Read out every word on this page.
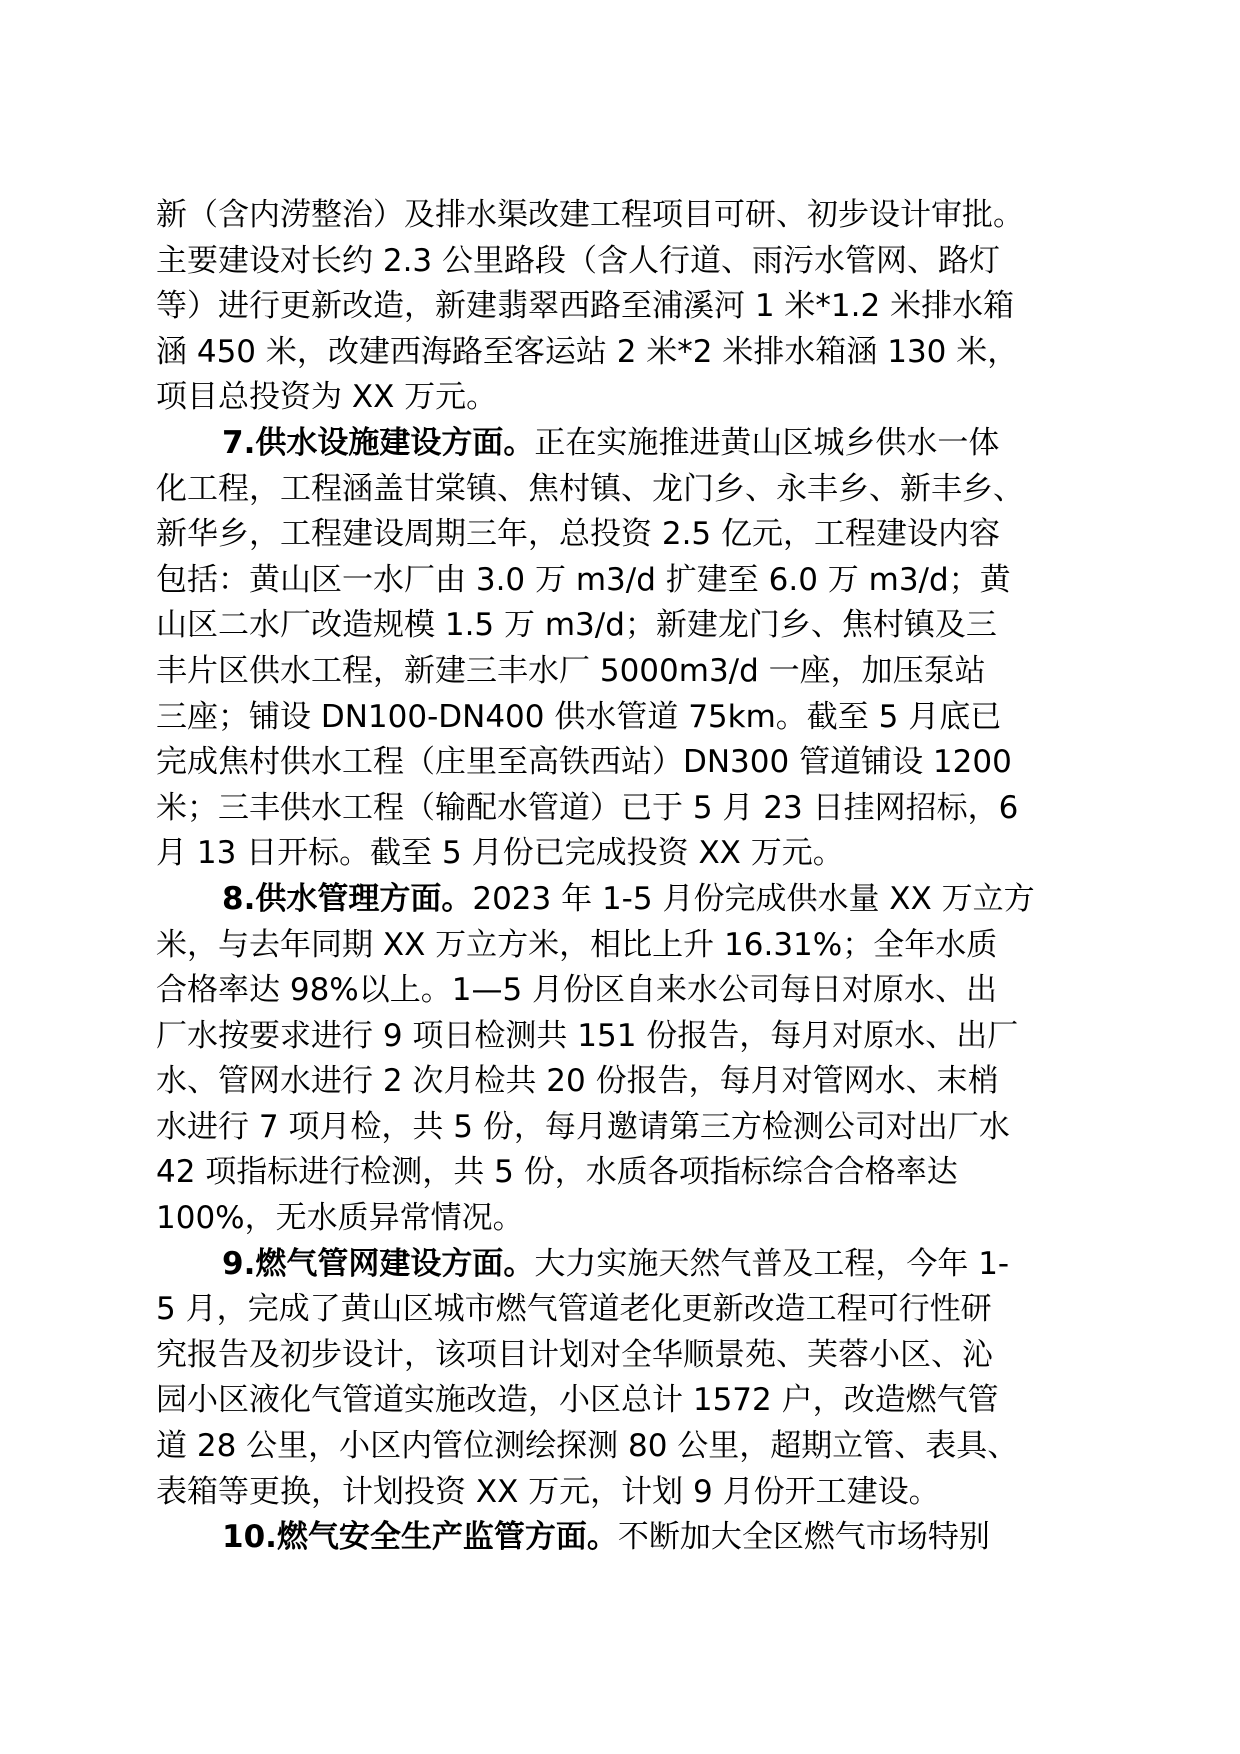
新（含内涝整治）及排水渠改建工程项目可研、初步设计审批。
主要建设对长约 2.3 公里路段（含人行道、雨污水管网、路灯
等）进行更新改造，新建翡翠西路至浦溪河 1 米*1.2 米排水箱
涵 450 米，改建西海路至客运站 2 米*2 米排水箱涵 130 米，
项目总投资为 XX 万元。
7.供水设施建设方面。正在实施推进黄山区城乡供水一体
化工程，工程涵盖甘棠镇、焦村镇、龙门乡、永丰乡、新丰乡、
新华乡，工程建设周期三年，总投资 2.5 亿元，工程建设内容
包括：黄山区一水厂由 3.0 万 m3/d 扩建至 6.0 万 m3/d；黄
山区二水厂改造规模 1.5 万 m3/d；新建龙门乡、焦村镇及三
丰片区供水工程，新建三丰水厂 5000m3/d 一座，加压泵站
三座；铺设 DN100-DN400 供水管道 75km。截至 5 月底已
完成焦村供水工程（庄里至高铁西站）DN300 管道铺设 1200
米；三丰供水工程（输配水管道）已于 5 月 23 日挂网招标，6
月 13 日开标。截至 5 月份已完成投资 XX 万元。
8.供水管理方面。2023 年 1-5 月份完成供水量 XX 万立方
米，与去年同期 XX 万立方米，相比上升 16.31%；全年水质
合格率达 98%以上。1—5 月份区自来水公司每日对原水、出
厂水按要求进行 9 项日检测共 151 份报告，每月对原水、出厂
水、管网水进行 2 次月检共 20 份报告，每月对管网水、末梢
水进行 7 项月检，共 5 份，每月邀请第三方检测公司对出厂水
42 项指标进行检测，共 5 份，水质各项指标综合合格率达
100%，无水质异常情况。
9.燃气管网建设方面。大力实施天然气普及工程，今年 1-
5 月，完成了黄山区城市燃气管道老化更新改造工程可行性研
究报告及初步设计，该项目计划对全华顺景苑、芙蓉小区、沁
园小区液化气管道实施改造，小区总计 1572 户，改造燃气管
道 28 公里，小区内管位测绘探测 80 公里，超期立管、表具、
表箱等更换，计划投资 XX 万元，计划 9 月份开工建设。
10.燃气安全生产监管方面。不断加大全区燃气市场特别
